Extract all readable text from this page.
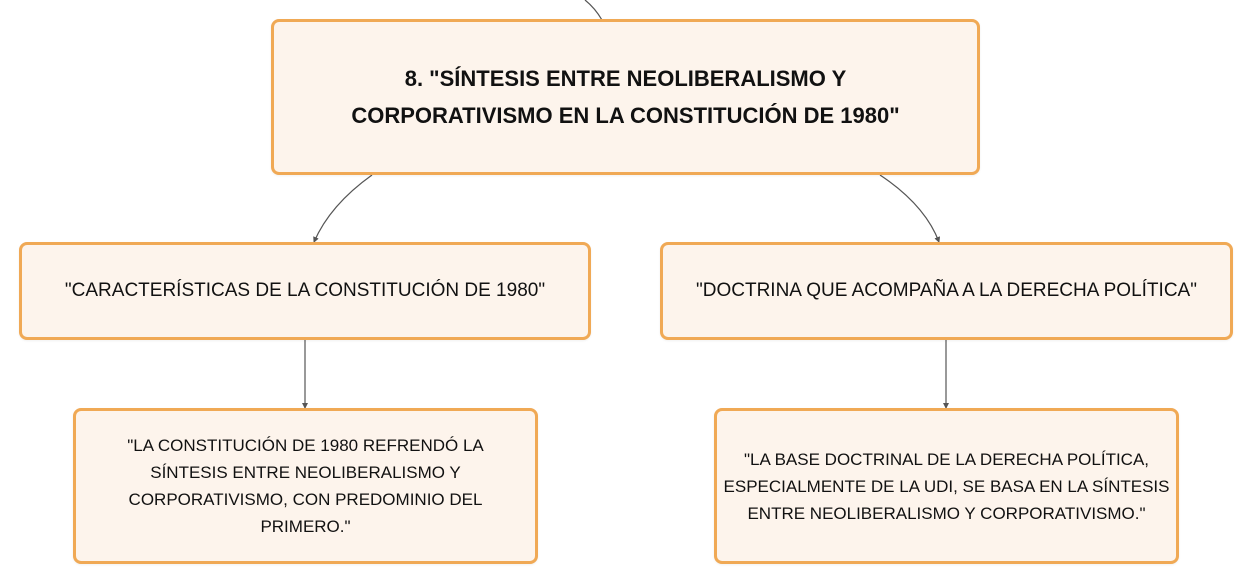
8. "SÍNTESIS ENTRE NEOLIBERALISMO Y CORPORATIVISMO EN LA CONSTITUCIÓN DE 1980"
"CARACTERÍSTICAS DE LA CONSTITUCIÓN DE 1980"	"DOCTRINA QUE ACOMPAÑA A LA DERECHA POLÍTICA"
"LA CONSTITUCIÓN DE 1980 REFRENDÓ LA SÍNTESIS ENTRE NEOLIBERALISMO Y CORPORATIVISMO, CON PREDOMINIO DEL PRIMERO."
"LA BASE DOCTRINAL DE LA DERECHA POLÍTICA, ESPECIALMENTE DE LA UDI, SE BASA EN LA SÍNTESIS ENTRE NEOLIBERALISMO Y CORPORATIVISMO."
